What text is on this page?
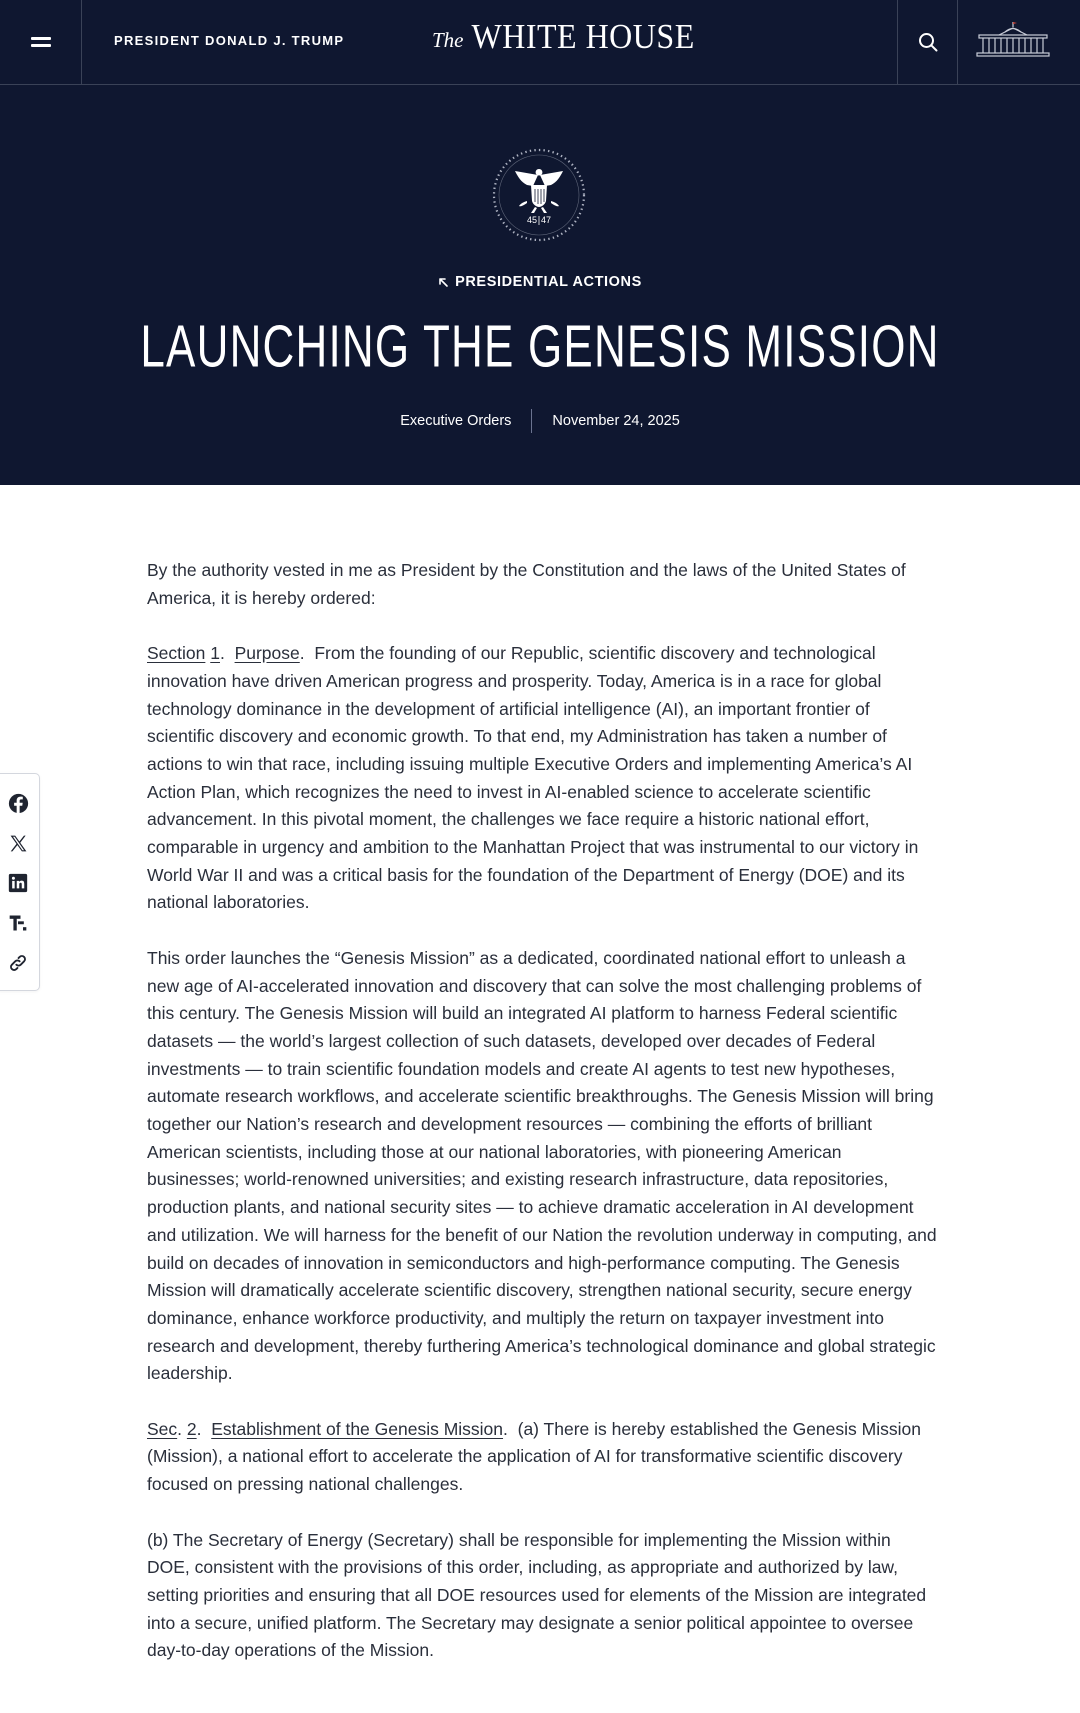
PRESIDENT DONALD J. TRUMP	The WHITE HOUSE
45 47
PRESIDENTIAL ACTIONS
LAUNCHING THE GENESIS MISSION
Executive Orders	November 24, 2025

By the authority vested in me as President by the Constitution and the laws of the United States of America, it is hereby ordered:

Section 1.  Purpose.  From the founding of our Republic, scientific discovery and technological innovation have driven American progress and prosperity. Today, America is in a race for global technology dominance in the development of artificial intelligence (AI), an important frontier of scientific discovery and economic growth. To that end, my Administration has taken a number of actions to win that race, including issuing multiple Executive Orders and implementing America’s AI Action Plan, which recognizes the need to invest in AI-enabled science to accelerate scientific advancement. In this pivotal moment, the challenges we face require a historic national effort, comparable in urgency and ambition to the Manhattan Project that was instrumental to our victory in World War II and was a critical basis for the foundation of the Department of Energy (DOE) and its national laboratories.

This order launches the “Genesis Mission” as a dedicated, coordinated national effort to unleash a new age of AI-accelerated innovation and discovery that can solve the most challenging problems of this century. The Genesis Mission will build an integrated AI platform to harness Federal scientific datasets — the world’s largest collection of such datasets, developed over decades of Federal investments — to train scientific foundation models and create AI agents to test new hypotheses, automate research workflows, and accelerate scientific breakthroughs. The Genesis Mission will bring together our Nation’s research and development resources — combining the efforts of brilliant American scientists, including those at our national laboratories, with pioneering American businesses; world-renowned universities; and existing research infrastructure, data repositories, production plants, and national security sites — to achieve dramatic acceleration in AI development and utilization. We will harness for the benefit of our Nation the revolution underway in computing, and build on decades of innovation in semiconductors and high-performance computing. The Genesis Mission will dramatically accelerate scientific discovery, strengthen national security, secure energy dominance, enhance workforce productivity, and multiply the return on taxpayer investment into research and development, thereby furthering America’s technological dominance and global strategic leadership.

Sec. 2.  Establishment of the Genesis Mission.  (a) There is hereby established the Genesis Mission (Mission), a national effort to accelerate the application of AI for transformative scientific discovery focused on pressing national challenges.

(b) The Secretary of Energy (Secretary) shall be responsible for implementing the Mission within DOE, consistent with the provisions of this order, including, as appropriate and authorized by law, setting priorities and ensuring that all DOE resources used for elements of the Mission are integrated into a secure, unified platform. The Secretary may designate a senior political appointee to oversee day-to-day operations of the Mission.
